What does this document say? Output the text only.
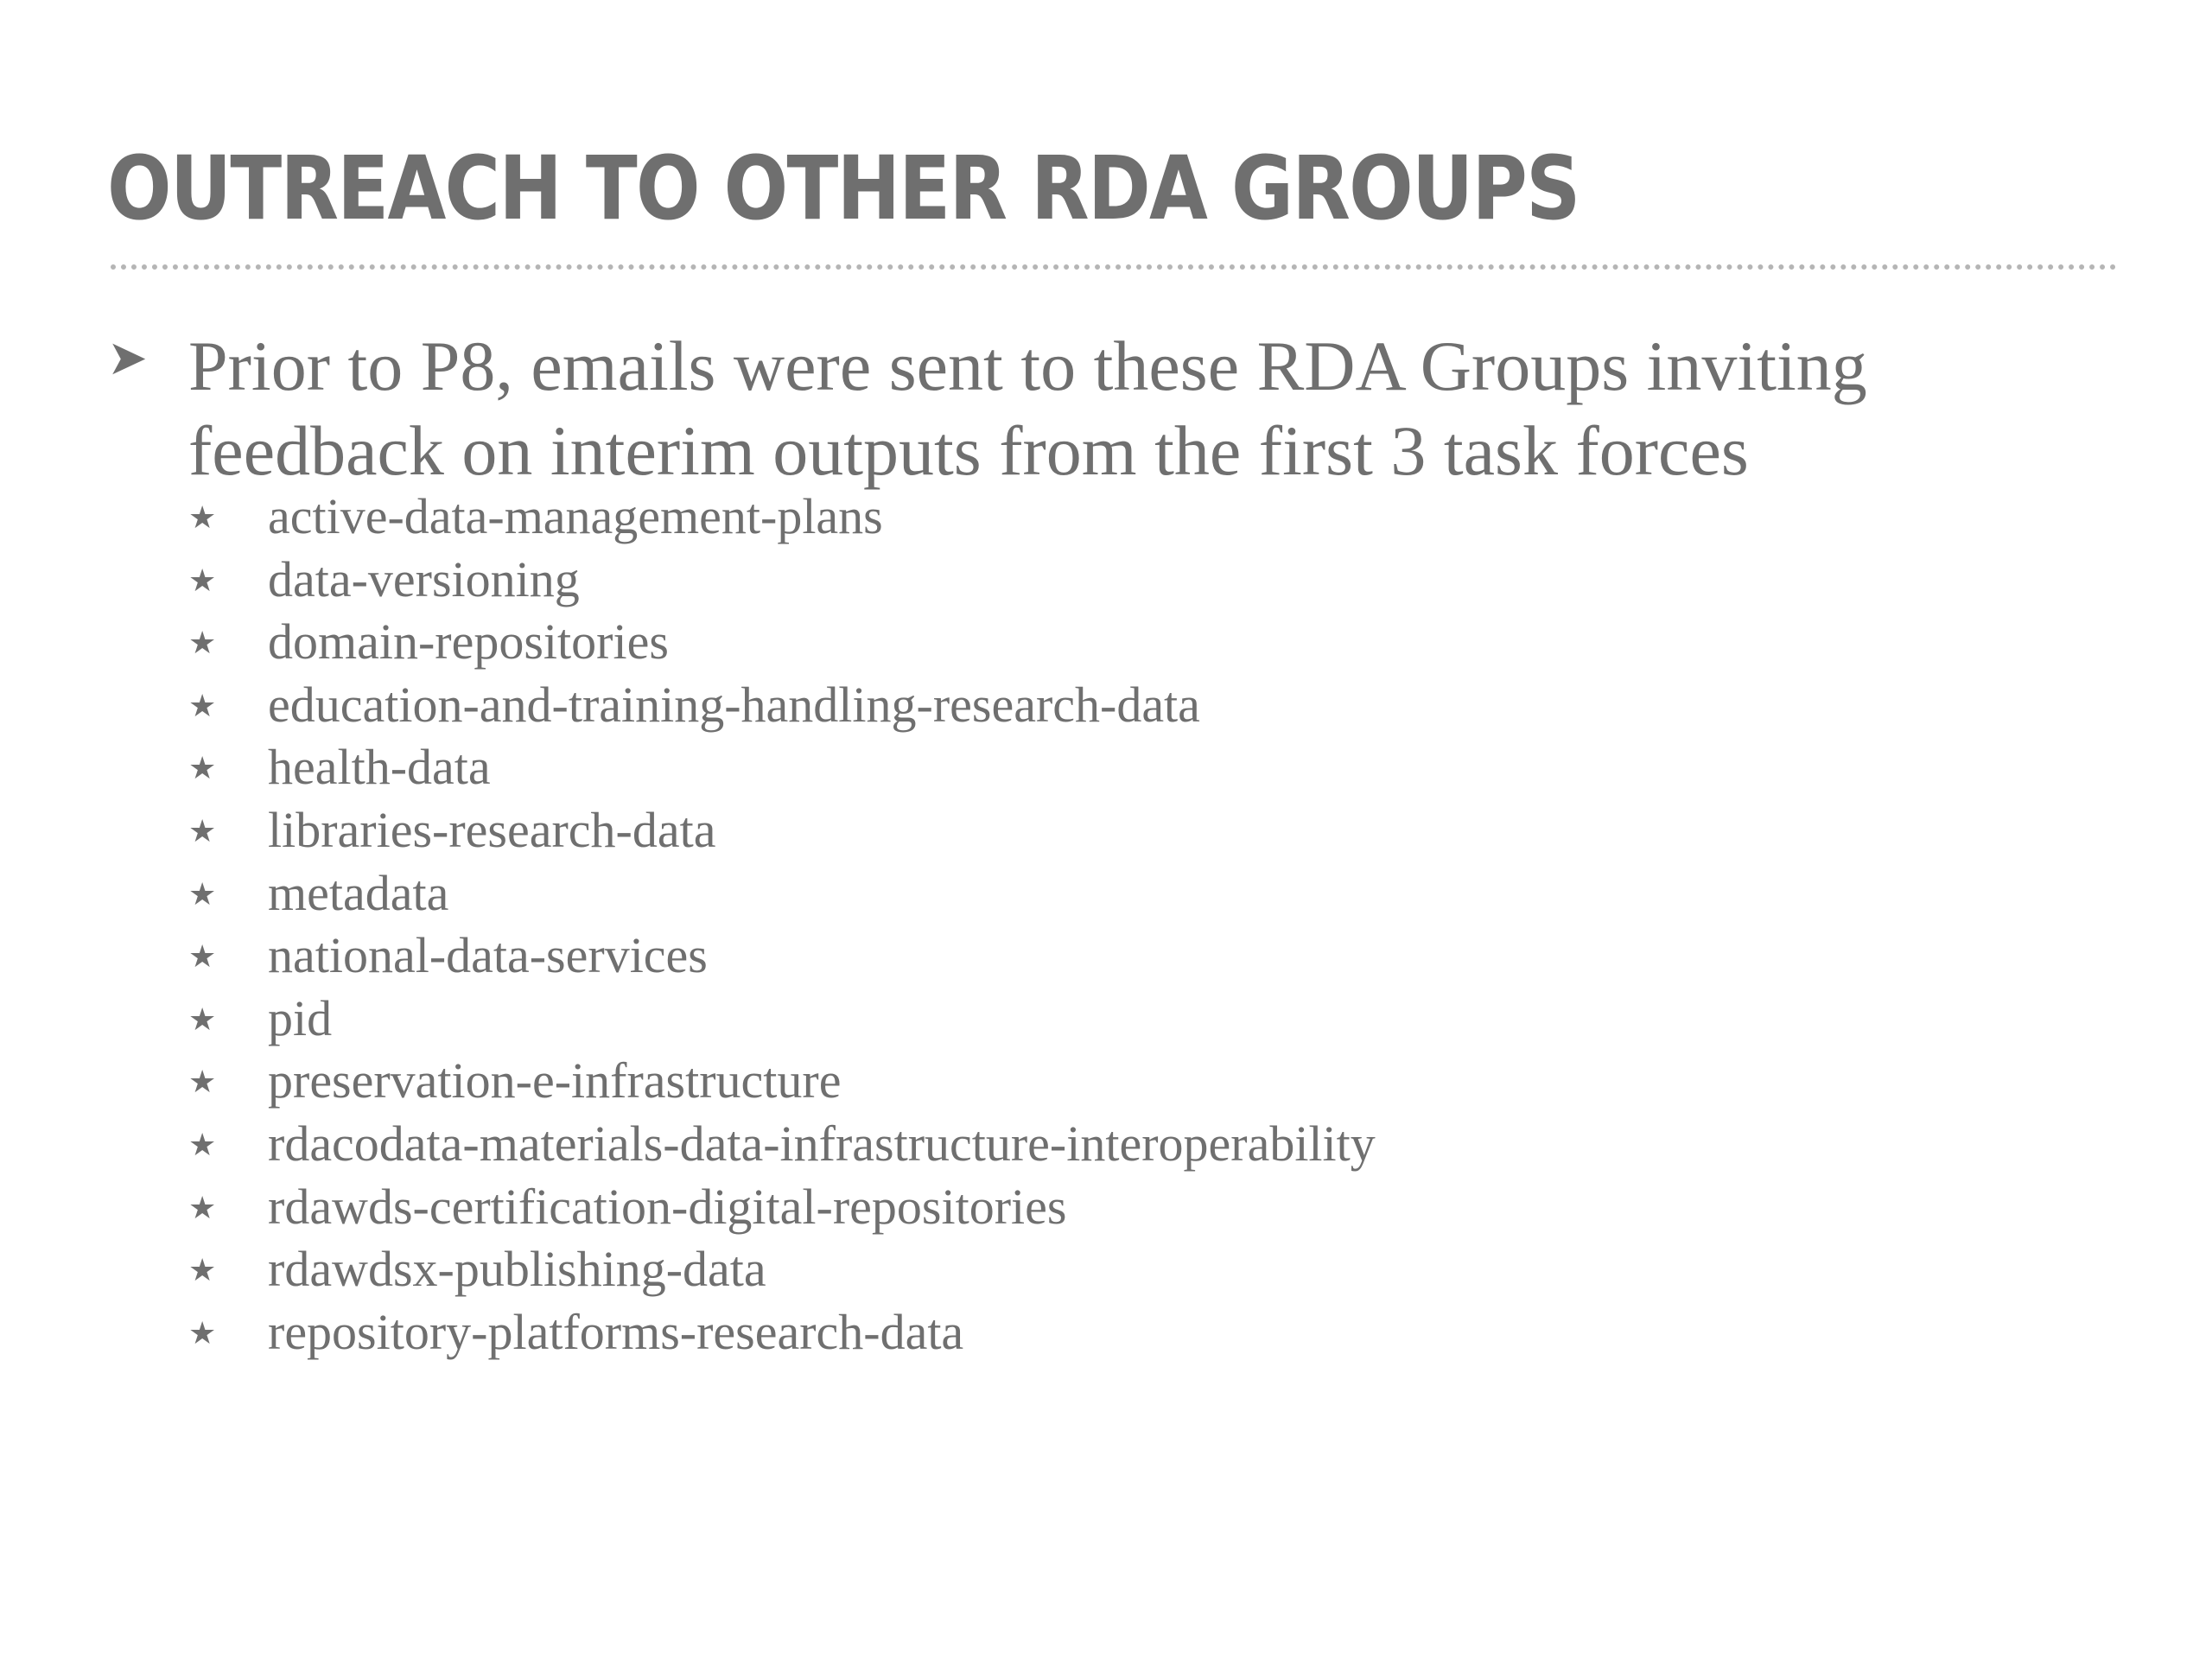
OUTREACH TO OTHER RDA GROUPS
➤ Prior to P8, emails were sent to these RDA Groups inviting feedback on interim outputs from the first 3 task forces

★ active-data-management-plans
★ data-versioning
★ domain-repositories
★ education-and-training-handling-research-data
★ health-data
★ libraries-research-data
★ metadata
★ national-data-services
★ pid
★ preservation-e-infrastructure
★ rdacodata-materials-data-infrastructure-interoperability
★ rdawds-certification-digital-repositories
★ rdawdsx-publishing-data
★ repository-platforms-research-data
